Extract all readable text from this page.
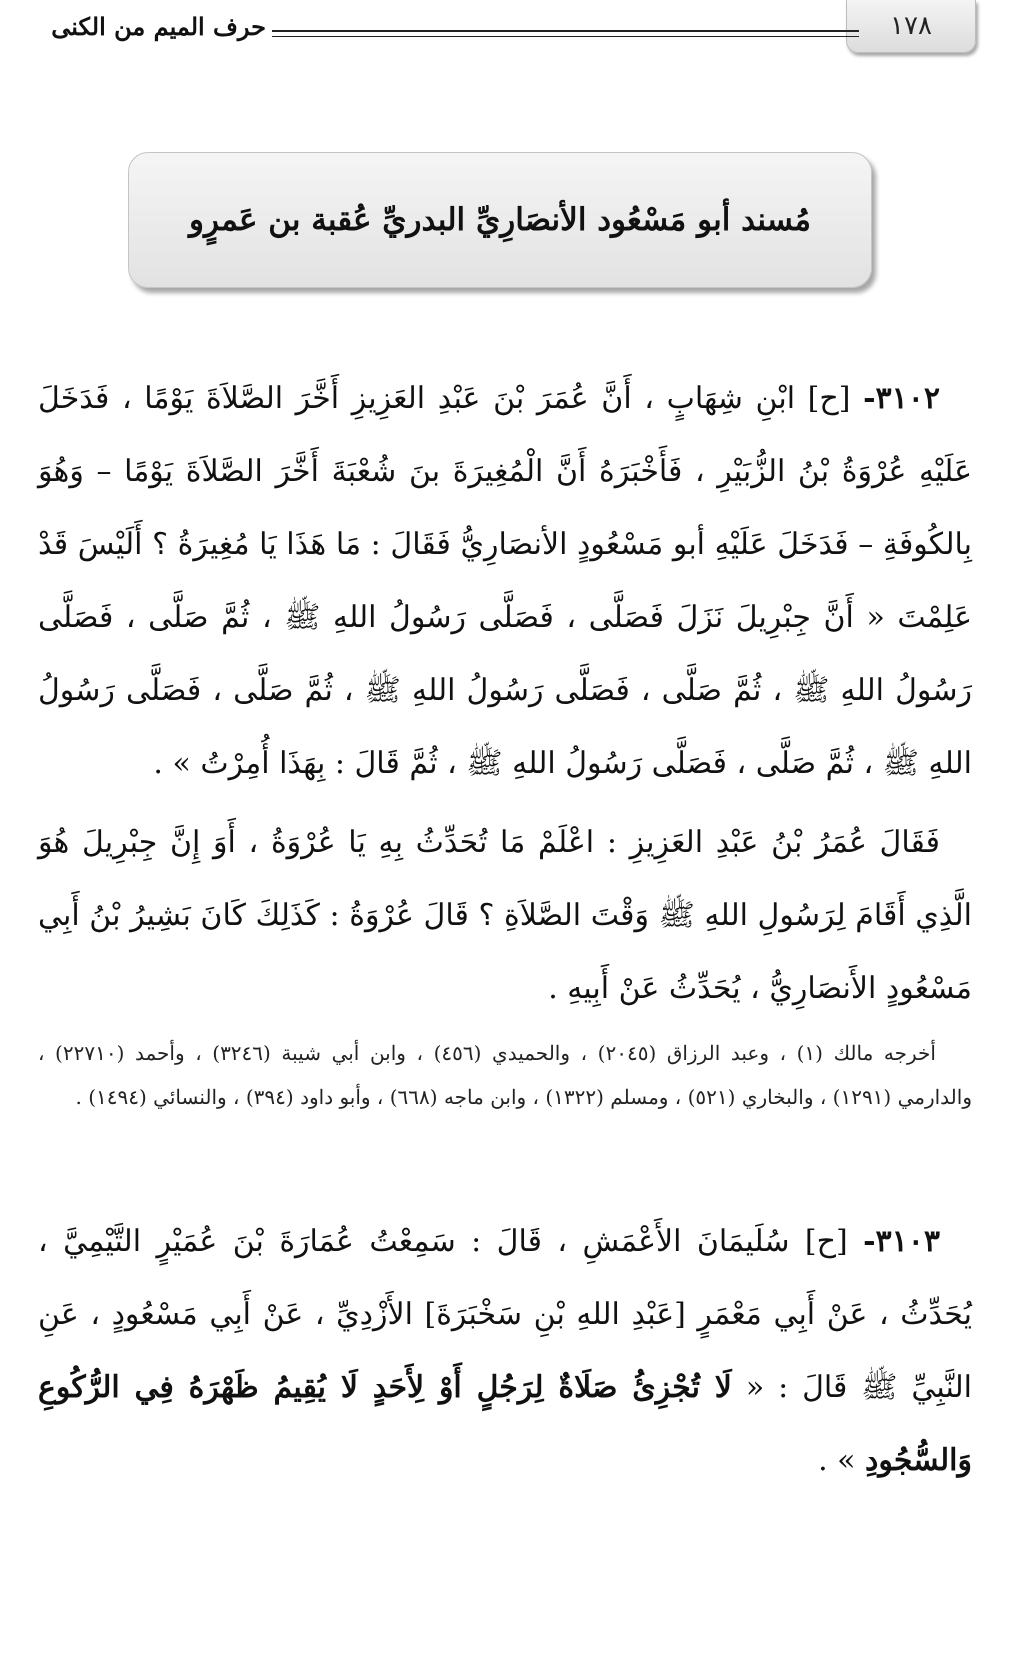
١٧٨
حرف الميم من الكنى
مُسند أبو مَسْعُود الأنصَارِيِّ البدريِّ عُقبة بن عَمرٍو

٣١٠٢- [ح] ابْنِ شِهَابٍ ، أَنَّ عُمَرَ بْنَ عَبْدِ العَزِيزِ أَخَّرَ الصَّلاَةَ يَوْمًا ، فَدَخَلَ عَلَيْهِ عُرْوَةُ بْنُ الزُّبَيْرِ ، فَأَخْبَرَهُ أَنَّ الْمُغِيرَةَ بنَ شُعْبَةَ أَخَّرَ الصَّلاَةَ يَوْمًا – وَهُوَ بِالكُوفَةِ – فَدَخَلَ عَلَيْهِ أبو مَسْعُودٍ الأنصَارِيُّ فَقَالَ : مَا هَذَا يَا مُغِيرَةُ ؟ أَلَيْسَ قَدْ عَلِمْتَ « أَنَّ جِبْرِيلَ نَزَلَ فَصَلَّى ، فَصَلَّى رَسُولُ اللهِ ﷺ ، ثُمَّ صَلَّى ، فَصَلَّى رَسُولُ اللهِ ﷺ ، ثُمَّ صَلَّى ، فَصَلَّى رَسُولُ اللهِ ﷺ ، ثُمَّ صَلَّى ، فَصَلَّى رَسُولُ اللهِ ﷺ ، ثُمَّ صَلَّى ، فَصَلَّى رَسُولُ اللهِ ﷺ ، ثُمَّ قَالَ : بِهَذَا أُمِرْتُ » .

فَقَالَ عُمَرُ بْنُ عَبْدِ العَزِيزِ : اعْلَمْ مَا تُحَدِّثُ بِهِ يَا عُرْوَةُ ، أَوَ إِنَّ جِبْرِيلَ هُوَ الَّذِي أَقَامَ لِرَسُولِ اللهِ ﷺ وَقْتَ الصَّلاَةِ ؟ قَالَ عُرْوَةُ : كَذَلِكَ كَانَ بَشِيرُ بْنُ أَبِي مَسْعُودٍ الأَنصَارِيُّ ، يُحَدِّثُ عَنْ أَبِيهِ .

أخرجه مالك (١) ، وعبد الرزاق (٢٠٤٥) ، والحميدي (٤٥٦) ، وابن أبي شيبة (٣٢٤٦) ، وأحمد (٢٢٧١٠) ، والدارمي (١٢٩١) ، والبخاري (٥٢١) ، ومسلم (١٣٢٢) ، وابن ماجه (٦٦٨) ، وأبو داود (٣٩٤) ، والنسائي (١٤٩٤) .

٣١٠٣- [ح] سُلَيمَانَ الأَعْمَشِ ، قَالَ : سَمِعْتُ عُمَارَةَ بْنَ عُمَيْرٍ التَّيْمِيَّ ، يُحَدِّثُ ، عَنْ أَبِي مَعْمَرٍ [عَبْدِ اللهِ بْنِ سَخْبَرَةَ] الأَزْدِيِّ ، عَنْ أَبِي مَسْعُودٍ ، عَنِ النَّبِيِّ ﷺ قَالَ : « لَا تُجْزِئُ صَلَاةٌ لِرَجُلٍ أَوْ لِأَحَدٍ لَا يُقِيمُ ظَهْرَهُ فِي الرُّكُوعِ وَالسُّجُودِ » .
